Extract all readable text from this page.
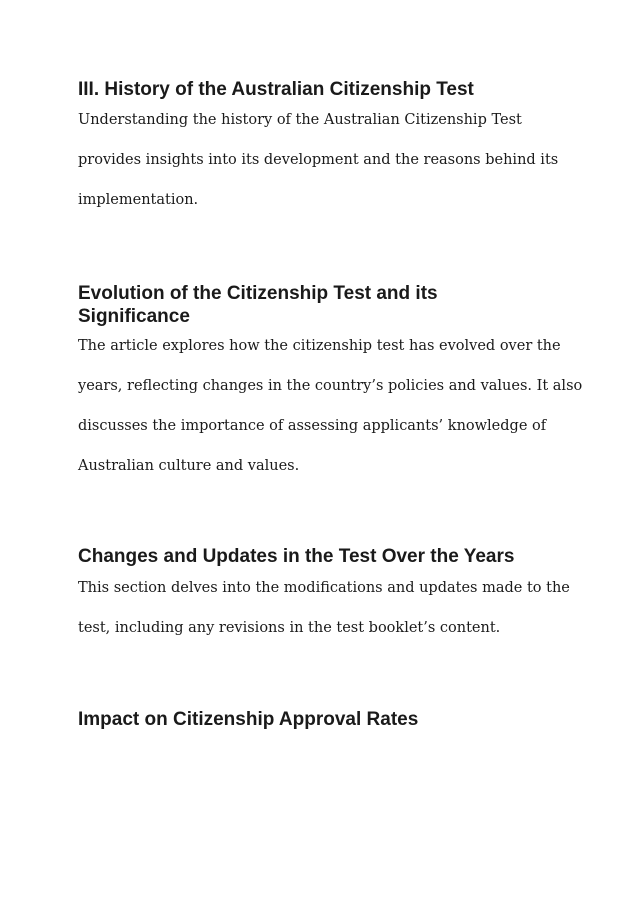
III. History of the Australian Citizenship Test
Understanding the history of the Australian Citizenship Test
provides insights into its development and the reasons behind its
implementation.
Evolution of the Citizenship Test and its
Significance
The article explores how the citizenship test has evolved over the
years, reflecting changes in the country’s policies and values. It also
discusses the importance of assessing applicants’ knowledge of
Australian culture and values.
Changes and Updates in the Test Over the Years
This section delves into the modifications and updates made to the
test, including any revisions in the test booklet’s content.
Impact on Citizenship Approval Rates
